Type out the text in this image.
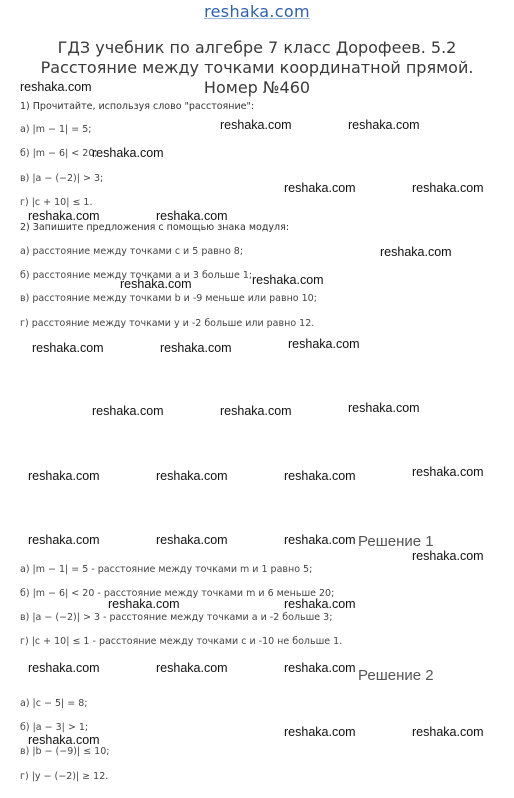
reshaka.com
ГДЗ учебник по алгебре 7 класс Дорофеев. 5.2 Расстояние между точками координатной прямой. Номер №460
1) Прочитайте, используя слово "расстояние":
а) |m − 1| = 5;
б) |m − 6| < 20;
в) |a − (−2)| > 3;
г) |c + 10| ≤ 1.
2) Запишите предложения с помощью знака модуля:
а) расстояние между точками c и 5 равно 8;
б) расстояние между точками a и 3 больше 1;
в) расстояние между точками b и -9 меньше или равно 10;
г) расстояние между точками y и -2 больше или равно 12.
Решение 1
а) |m − 1| = 5 - расстояние между точками m и 1 равно 5;
б) |m − 6| < 20 - расстояние между точками m и 6 меньше 20;
в) |a − (−2)| > 3 - расстояние между точками a и -2 больше 3;
г) |c + 10| ≤ 1 - расстояние между точками c и -10 не больше 1.
Решение 2
а) |c − 5| = 8;
б) |a − 3| > 1;
в) |b − (−9)| ≤ 10;
г) |y − (−2)| ≥ 12.
reshaka.com
reshaka.com	reshaka.com
reshaka.com
reshaka.com	reshaka.com
reshaka.com	reshaka.com
reshaka.com
reshaka.com
reshaka.com
reshaka.com
reshaka.com	reshaka.com
reshaka.com
reshaka.com	reshaka.com
reshaka.com
reshaka.com	reshaka.com	reshaka.com
reshaka.com	reshaka.com	reshaka.com
reshaka.com
reshaka.com
reshaka.com
reshaka.com	reshaka.com	reshaka.com
reshaka.com
reshaka.com
reshaka.com
